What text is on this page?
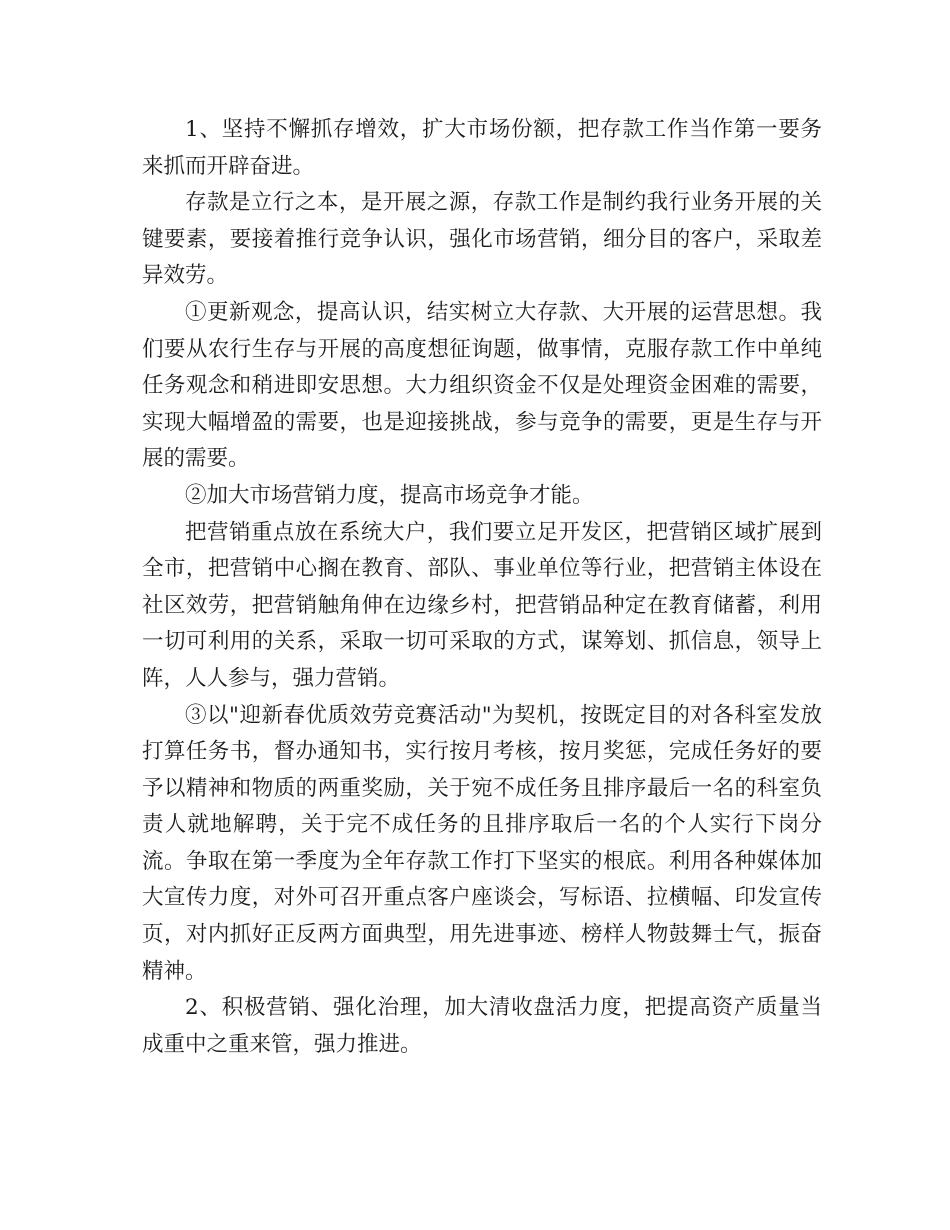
1、坚持不懈抓存增效，扩大市场份额，把存款工作当作第一要务来抓而开辟奋进。

存款是立行之本，是开展之源，存款工作是制约我行业务开展的关键要素，要接着推行竞争认识，强化市场营销，细分目的客户，采取差异效劳。

①更新观念，提高认识，结实树立大存款、大开展的运营思想。我们要从农行生存与开展的高度想征询题，做事情，克服存款工作中单纯任务观念和稍进即安思想。大力组织资金不仅是处理资金困难的需要，实现大幅增盈的需要，也是迎接挑战，参与竞争的需要，更是生存与开展的需要。

②加大市场营销力度，提高市场竞争才能。

把营销重点放在系统大户，我们要立足开发区，把营销区域扩展到全市，把营销中心搁在教育、部队、事业单位等行业，把营销主体设在社区效劳，把营销触角伸在边缘乡村，把营销品种定在教育储蓄，利用一切可利用的关系，采取一切可采取的方式，谋筹划、抓信息，领导上阵，人人参与，强力营销。

③以"迎新春优质效劳竞赛活动"为契机，按既定目的对各科室发放打算任务书，督办通知书，实行按月考核，按月奖惩，完成任务好的要予以精神和物质的两重奖励，关于宛不成任务且排序最后一名的科室负责人就地解聘，关于完不成任务的且排序取后一名的个人实行下岗分流。争取在第一季度为全年存款工作打下坚实的根底。利用各种媒体加大宣传力度，对外可召开重点客户座谈会，写标语、拉横幅、印发宣传页，对内抓好正反两方面典型，用先进事迹、榜样人物鼓舞士气，振奋精神。

2、积极营销、强化治理，加大清收盘活力度，把提高资产质量当成重中之重来管，强力推进。
